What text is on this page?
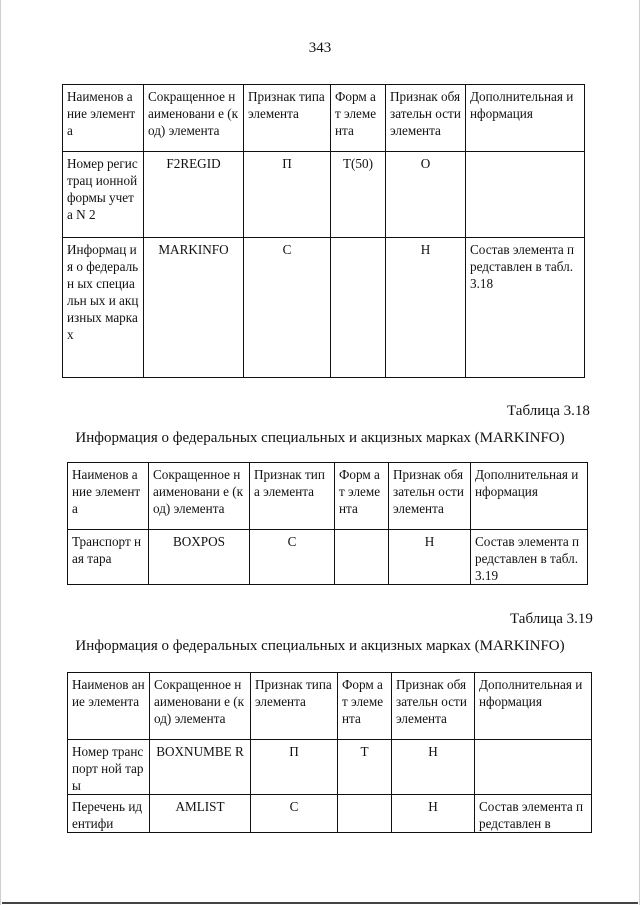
343
Наименов ание элемента	Сокращенное наименовани е (код) элемента	Признак типа элемента	Форм ат элеме нта	Признак обязательн ости элемента	Дополнительная информация
Номер регистрац ионной формы учета N 2	F2REGID	П	T(50)	О	
Информац ия о федеральн ых специальн ых и акцизных марках	MARKINFO	С		Н	Состав элемента представлен в табл. 3.18
Таблица 3.18
Информация о федеральных специальных и акцизных марках (MARKINFO)
Наименов ание элемента	Сокращенное наименовани е (код) элемента	Признак типа элемента	Форм ат элеме нта	Признак обязательн ости элемента	Дополнительная информация
Транспорт ная тара	BOXPOS	С		Н	Состав элемента представлен в табл. 3.19
Таблица 3.19
Информация о федеральных специальных и акцизных марках (MARKINFO)
Наименов ание элемента	Сокращенное наименовани е (код) элемента	Признак типа элемента	Форм ат элеме нта	Признак обязательн ости элемента	Дополнительная информация
Номер транспорт ной тары	BOXNUMBE R	П	T	Н	
Перечень идентифи	AMLIST	С		Н	Состав элемента представлен в
